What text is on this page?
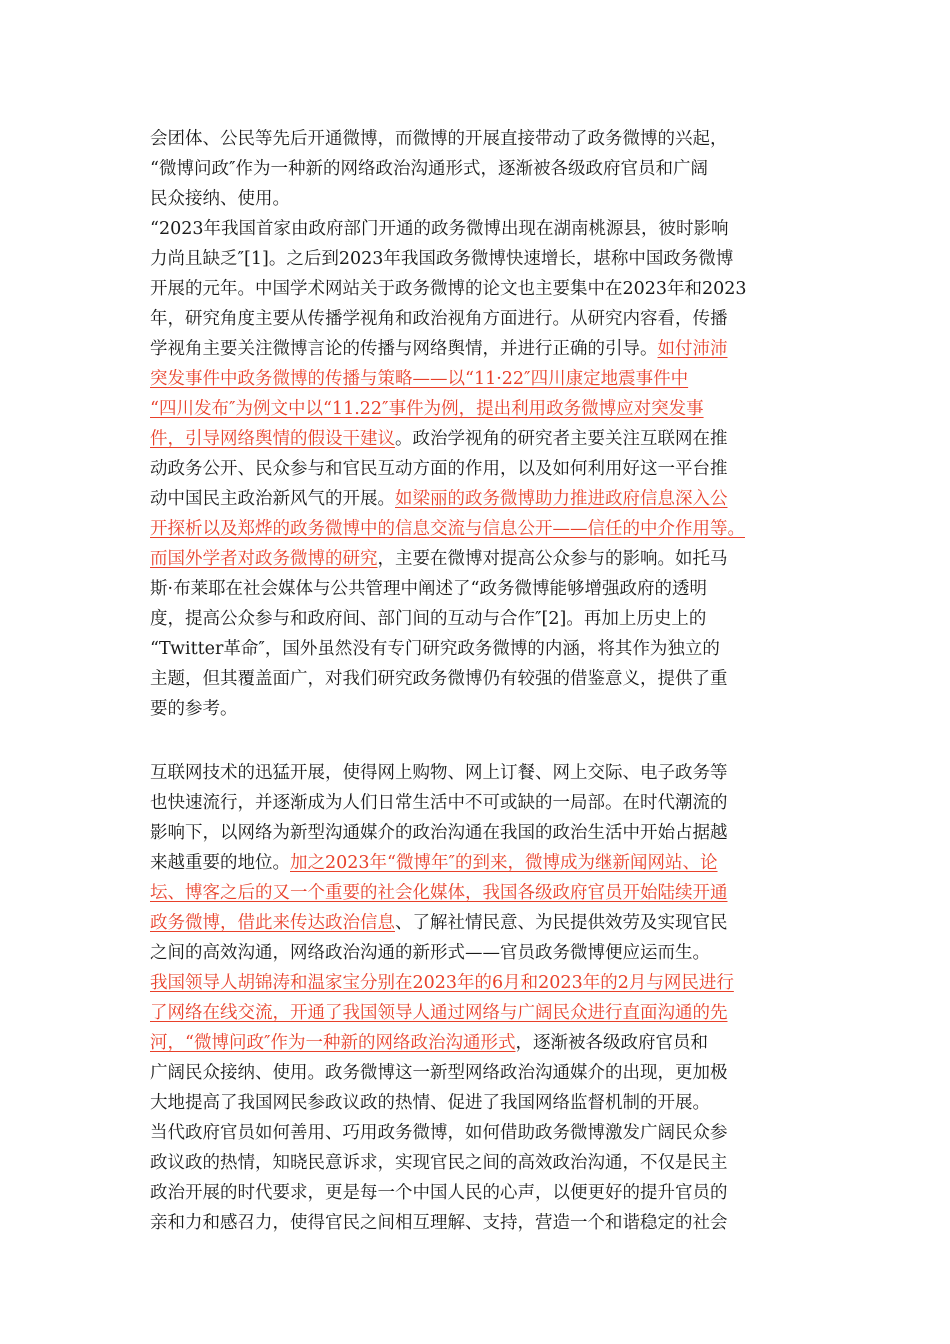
会团体、公民等先后开通微博，而微博的开展直接带动了政务微博的兴起，
“微博问政″作为一种新的网络政治沟通形式，逐渐被各级政府官员和广阔
民众接纳、使用。
“2023年我国首家由政府部门开通的政务微博出现在湖南桃源县，彼时影响
力尚且缺乏″[1]。之后到2023年我国政务微博快速增长，堪称中国政务微博
开展的元年。中国学术网站关于政务微博的论文也主要集中在2023年和2023
年，研究角度主要从传播学视角和政治视角方面进行。从研究内容看，传播
学视角主要关注微博言论的传播与网络舆情，并进行正确的引导。如付沛沛
突发事件中政务微博的传播与策略——以“11·22″四川康定地震事件中
“四川发布″为例文中以“11.22″事件为例，提出利用政务微博应对突发事
件，引导网络舆情的假设干建议。政治学视角的研究者主要关注互联网在推
动政务公开、民众参与和官民互动方面的作用，以及如何利用好这一平台推
动中国民主政治新风气的开展。如梁丽的政务微博助力推进政府信息深入公
开探析以及郑烨的政务微博中的信息交流与信息公开——信任的中介作用等。
而国外学者对政务微博的研究，主要在微博对提高公众参与的影响。如托马
斯·布莱耶在社会媒体与公共管理中阐述了“政务微博能够增强政府的透明
度，提高公众参与和政府间、部门间的互动与合作″[2]。再加上历史上的
“Twitter革命″，国外虽然没有专门研究政务微博的内涵，将其作为独立的
主题，但其覆盖面广，对我们研究政务微博仍有较强的借鉴意义，提供了重
要的参考。
互联网技术的迅猛开展，使得网上购物、网上订餐、网上交际、电子政务等
也快速流行，并逐渐成为人们日常生活中不可或缺的一局部。在时代潮流的
影响下，以网络为新型沟通媒介的政治沟通在我国的政治生活中开始占据越
来越重要的地位。加之2023年“微博年″的到来，微博成为继新闻网站、论
坛、博客之后的又一个重要的社会化媒体，我国各级政府官员开始陆续开通
政务微博，借此来传达政治信息、了解社情民意、为民提供效劳及实现官民
之间的高效沟通，网络政治沟通的新形式——官员政务微博便应运而生。
我国领导人胡锦涛和温家宝分别在2023年的6月和2023年的2月与网民进行
了网络在线交流，开通了我国领导人通过网络与广阔民众进行直面沟通的先
河，“微博问政″作为一种新的网络政治沟通形式，逐渐被各级政府官员和
广阔民众接纳、使用。政务微博这一新型网络政治沟通媒介的出现，更加极
大地提高了我国网民参政议政的热情、促进了我国网络监督机制的开展。
当代政府官员如何善用、巧用政务微博，如何借助政务微博激发广阔民众参
政议政的热情，知晓民意诉求，实现官民之间的高效政治沟通，不仅是民主
政治开展的时代要求，更是每一个中国人民的心声，以便更好的提升官员的
亲和力和感召力，使得官民之间相互理解、支持，营造一个和谐稳定的社会
